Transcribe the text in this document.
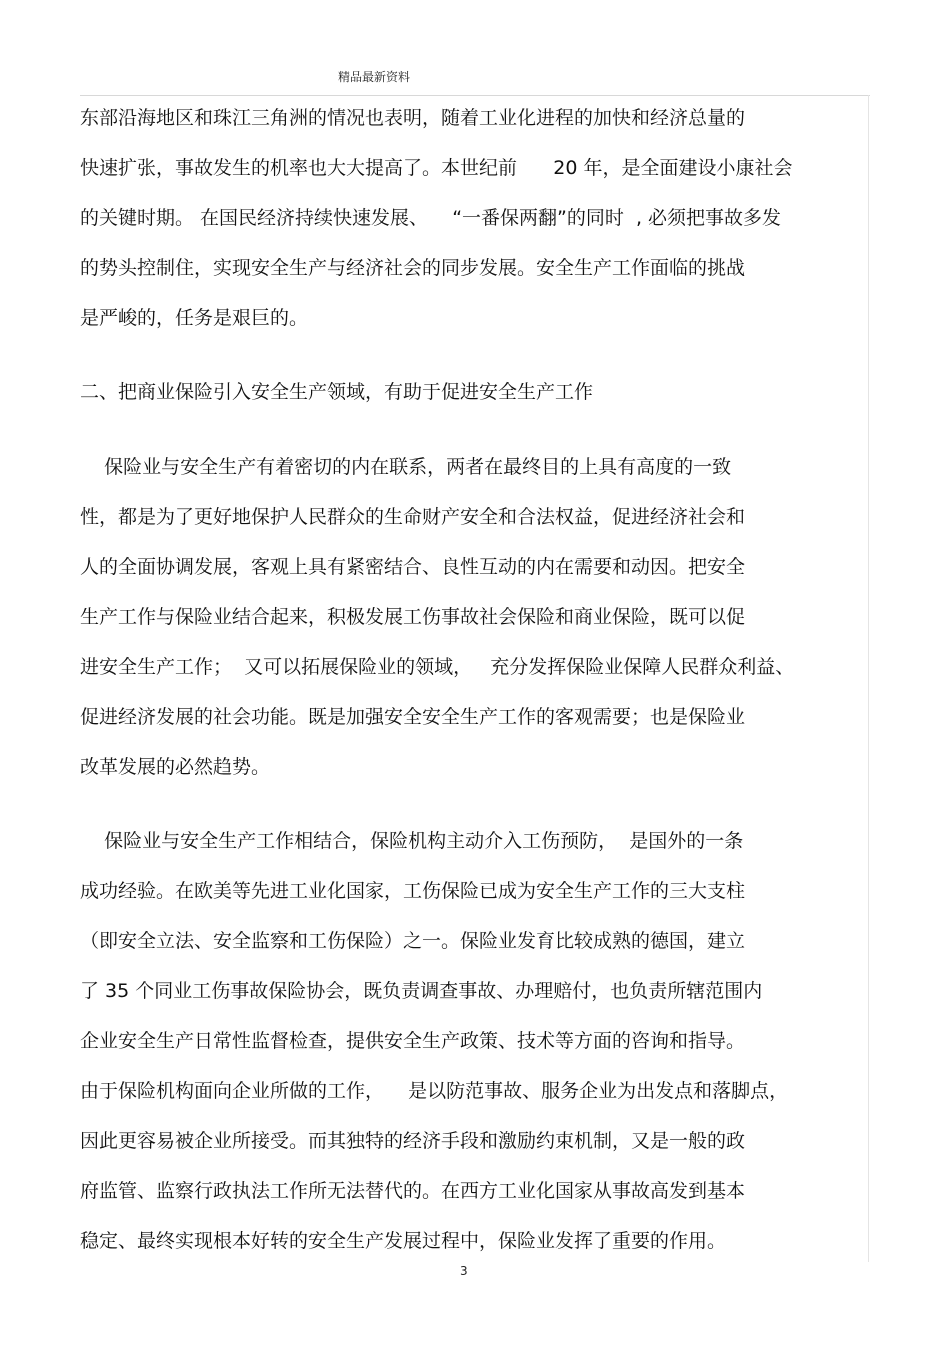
精品最新资料
东部沿海地区和珠江三角洲的情况也表明，随着工业化进程的加快和经济总量的
快速扩张，事故发生的机率也大大提高了。本世纪前      20 年，是全面建设小康社会
的关键时期。 在国民经济持续快速发展、    “一番保两翻”的同时  , 必须把事故多发
的势头控制住，实现安全生产与经济社会的同步发展。安全生产工作面临的挑战
是严峻的，任务是艰巨的。
二、把商业保险引入安全生产领域，有助于促进安全生产工作
保险业与安全生产有着密切的内在联系，两者在最终目的上具有高度的一致
性，都是为了更好地保护人民群众的生命财产安全和合法权益，促进经济社会和
人的全面协调发展，客观上具有紧密结合、良性互动的内在需要和动因。把安全
生产工作与保险业结合起来，积极发展工伤事故社会保险和商业保险，既可以促
进安全生产工作；  又可以拓展保险业的领域，   充分发挥保险业保障人民群众利益、
促进经济发展的社会功能。既是加强安全安全生产工作的客观需要；也是保险业
改革发展的必然趋势。
保险业与安全生产工作相结合，保险机构主动介入工伤预防，  是国外的一条
成功经验。在欧美等先进工业化国家，工伤保险已成为安全生产工作的三大支柱
（即安全立法、安全监察和工伤保险）之一。保险业发育比较成熟的德国，建立
了 35 个同业工伤事故保险协会，既负责调查事故、办理赔付，也负责所辖范围内
企业安全生产日常性监督检查，提供安全生产政策、技术等方面的咨询和指导。
由于保险机构面向企业所做的工作，    是以防范事故、服务企业为出发点和落脚点，
因此更容易被企业所接受。而其独特的经济手段和激励约束机制，又是一般的政
府监管、监察行政执法工作所无法替代的。在西方工业化国家从事故高发到基本
稳定、最终实现根本好转的安全生产发展过程中，保险业发挥了重要的作用。
3
